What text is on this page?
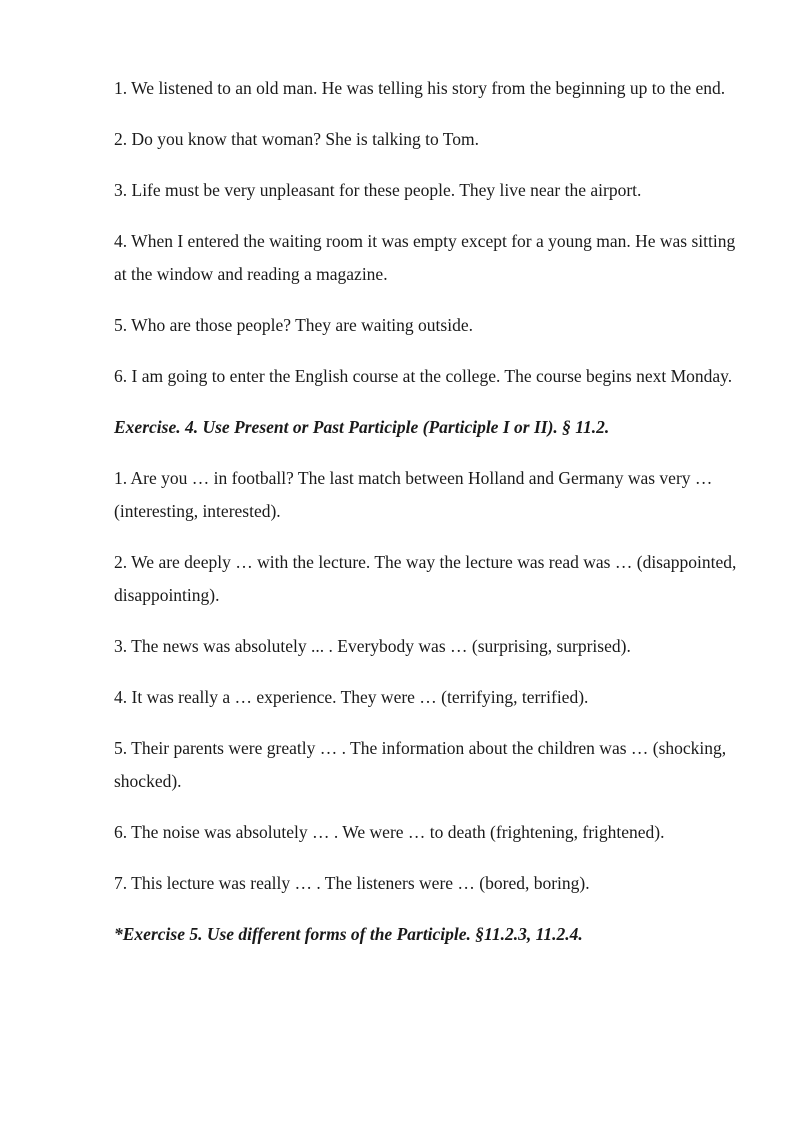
1. We listened to an old man. He was telling his story from the beginning up to the end.

2. Do you know that woman? She is talking to Tom.

3. Life must be very unpleasant for these people. They live near the airport.

4. When I entered the waiting room it was empty except for a young man. He was sitting at the window and reading a magazine.

5. Who are those people? They are waiting outside.

6. I am going to enter the English course at the college. The course begins next Monday.

Exercise. 4. Use Present or Past Participle (Participle I or II). § 11.2.

1. Are you … in football? The last match between Holland and Germany was very … (interesting, interested).

2. We are deeply … with the lecture. The way the lecture was read was … (disappointed, disappointing).

3. The news was absolutely ... . Everybody was … (surprising, surprised).

4. It was really a … experience. They were … (terrifying, terrified).

5. Their parents were greatly … . The information about the children was … (shocking, shocked).

6. The noise was absolutely … . We were … to death (frightening, frightened).

7. This lecture was really … . The listeners were … (bored, boring).

*Exercise 5. Use different forms of the Participle. §11.2.3, 11.2.4.
